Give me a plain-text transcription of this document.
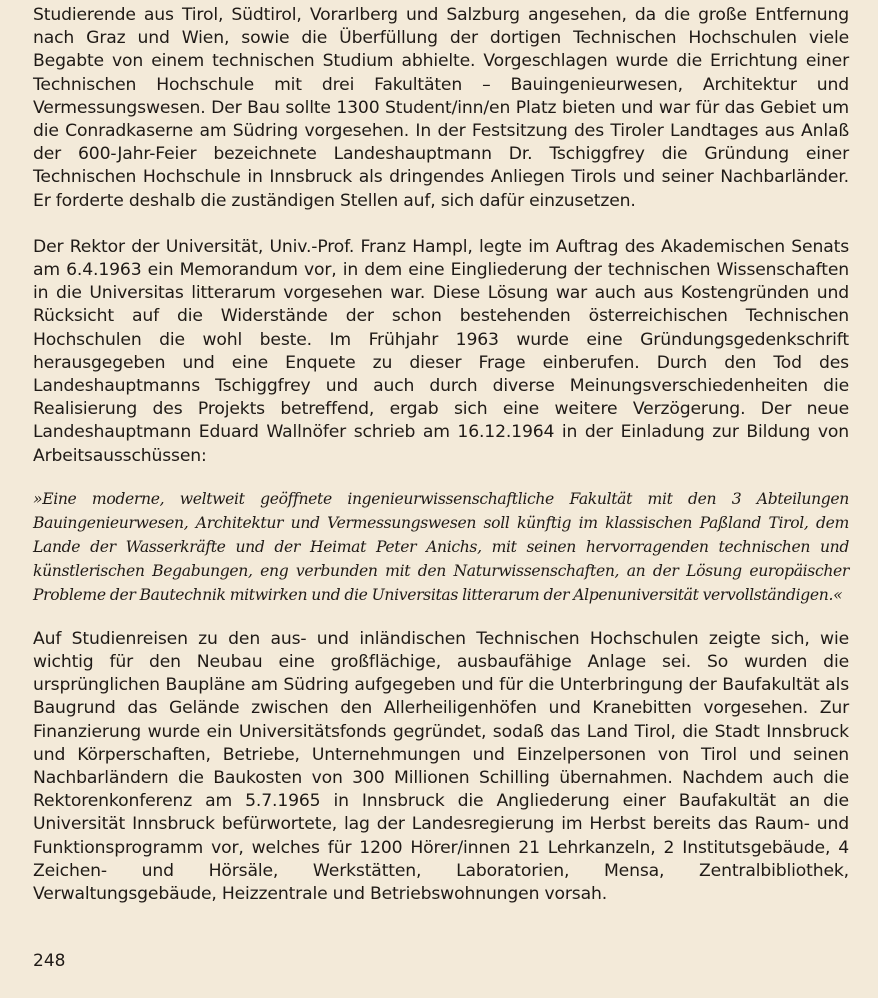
Studierende aus Tirol, Südtirol, Vorarlberg und Salzburg angesehen, da die große Entfernung nach Graz und Wien, sowie die Überfüllung der dortigen Technischen Hochschulen viele Begabte von einem technischen Studium abhielte. Vorgeschlagen wurde die Errichtung einer Technischen Hochschule mit drei Fakultäten – Bauingenieurwesen, Architektur und Vermessungswesen. Der Bau sollte 1300 Student/inn/en Platz bieten und war für das Gebiet um die Conradkaserne am Südring vorgesehen. In der Festsitzung des Tiroler Landtages aus Anlaß der 600-Jahr-Feier bezeichnete Landeshauptmann Dr. Tschiggfrey die Gründung einer Technischen Hochschule in Innsbruck als dringendes Anliegen Tirols und seiner Nachbarländer. Er forderte deshalb die zuständigen Stellen auf, sich dafür einzusetzen.

Der Rektor der Universität, Univ.-Prof. Franz Hampl, legte im Auftrag des Akademischen Senats am 6.4.1963 ein Memorandum vor, in dem eine Eingliederung der technischen Wissenschaften in die Universitas litterarum vorgesehen war. Diese Lösung war auch aus Kostengründen und Rücksicht auf die Widerstände der schon bestehenden österreichischen Technischen Hochschulen die wohl beste. Im Frühjahr 1963 wurde eine Gründungsgedenkschrift herausgegeben und eine Enquete zu dieser Frage einberufen. Durch den Tod des Landeshauptmanns Tschiggfrey und auch durch diverse Meinungsverschiedenheiten die Realisierung des Projekts betreffend, ergab sich eine weitere Verzögerung. Der neue Landeshauptmann Eduard Wallnöfer schrieb am 16.12.1964 in der Einladung zur Bildung von Arbeitsausschüssen:

»Eine moderne, weltweit geöffnete ingenieurwissenschaftliche Fakultät mit den 3 Abteilungen Bauingenieurwesen, Architektur und Vermessungswesen soll künftig im klassischen Paßland Tirol, dem Lande der Wasserkräfte und der Heimat Peter Anichs, mit seinen hervorragenden technischen und künstlerischen Begabungen, eng verbunden mit den Naturwissenschaften, an der Lösung europäischer Probleme der Bautechnik mitwirken und die Universitas litterarum der Alpenuniversität vervollständigen.«

Auf Studienreisen zu den aus- und inländischen Technischen Hochschulen zeigte sich, wie wichtig für den Neubau eine großflächige, ausbaufähige Anlage sei. So wurden die ursprünglichen Baupläne am Südring aufgegeben und für die Unterbringung der Baufakultät als Baugrund das Gelände zwischen den Allerheiligenhöfen und Kranebitten vorgesehen. Zur Finanzierung wurde ein Universitätsfonds gegründet, sodaß das Land Tirol, die Stadt Innsbruck und Körperschaften, Betriebe, Unternehmungen und Einzelpersonen von Tirol und seinen Nachbarländern die Baukosten von 300 Millionen Schilling übernahmen. Nachdem auch die Rektorenkonferenz am 5.7.1965 in Innsbruck die Angliederung einer Baufakultät an die Universität Innsbruck befürwortete, lag der Landesregierung im Herbst bereits das Raum- und Funktionsprogramm vor, welches für 1200 Hörer/innen 21 Lehrkanzeln, 2 Institutsgebäude, 4 Zeichen- und Hörsäle, Werkstätten, Laboratorien, Mensa, Zentralbibliothek, Verwaltungsgebäude, Heizzentrale und Betriebswohnungen vorsah.

248
